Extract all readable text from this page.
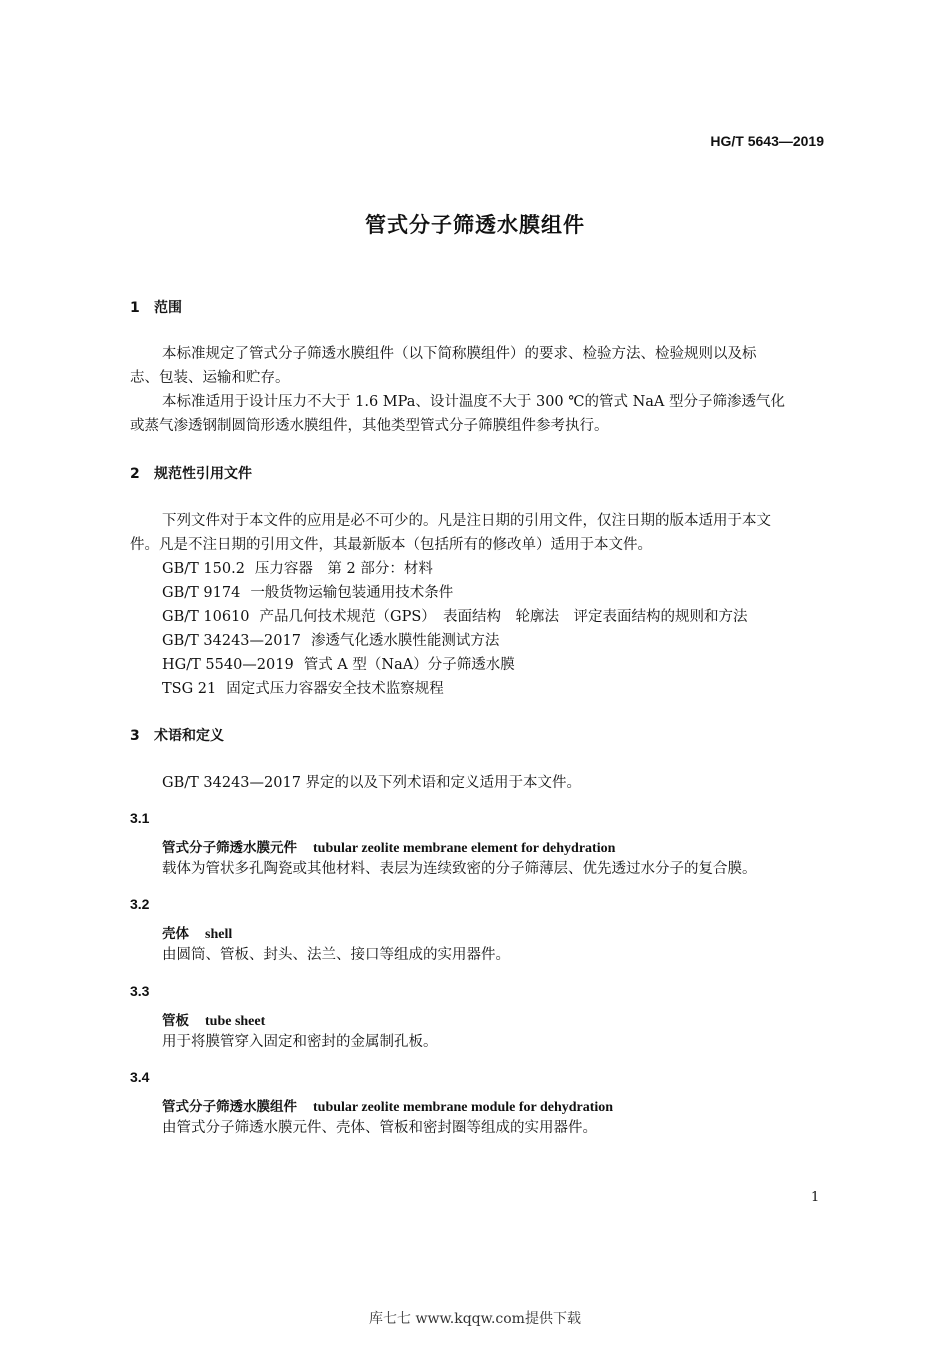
HG/T 5643—2019
管式分子筛透水膜组件
1 范围
本标准规定了管式分子筛透水膜组件（以下简称膜组件）的要求、检验方法、检验规则以及标
志、包装、运输和贮存。
本标准适用于设计压力不大于 1.6 MPa、设计温度不大于 300 ℃的管式 NaA 型分子筛渗透气化
或蒸气渗透钢制圆筒形透水膜组件，其他类型管式分子筛膜组件参考执行。
2 规范性引用文件
下列文件对于本文件的应用是必不可少的。凡是注日期的引用文件，仅注日期的版本适用于本文
件。凡是不注日期的引用文件，其最新版本（包括所有的修改单）适用于本文件。
GB/T 150.2 压力容器　第 2 部分：材料
GB/T 9174 一般货物运输包装通用技术条件
GB/T 10610 产品几何技术规范（GPS）　表面结构　轮廓法　评定表面结构的规则和方法
GB/T 34243—2017 渗透气化透水膜性能测试方法
HG/T 5540—2019 管式 A 型（NaA）分子筛透水膜
TSG 21 固定式压力容器安全技术监察规程
3 术语和定义
GB/T 34243—2017 界定的以及下列术语和定义适用于本文件。
3.1
管式分子筛透水膜元件 tubular zeolite membrane element for dehydration
载体为管状多孔陶瓷或其他材料、表层为连续致密的分子筛薄层、优先透过水分子的复合膜。
3.2
壳体 shell
由圆筒、管板、封头、法兰、接口等组成的实用器件。
3.3
管板 tube sheet
用于将膜管穿入固定和密封的金属制孔板。
3.4
管式分子筛透水膜组件 tubular zeolite membrane module for dehydration
由管式分子筛透水膜元件、壳体、管板和密封圈等组成的实用器件。
1
库七七 www.kqqw.com提供下载
